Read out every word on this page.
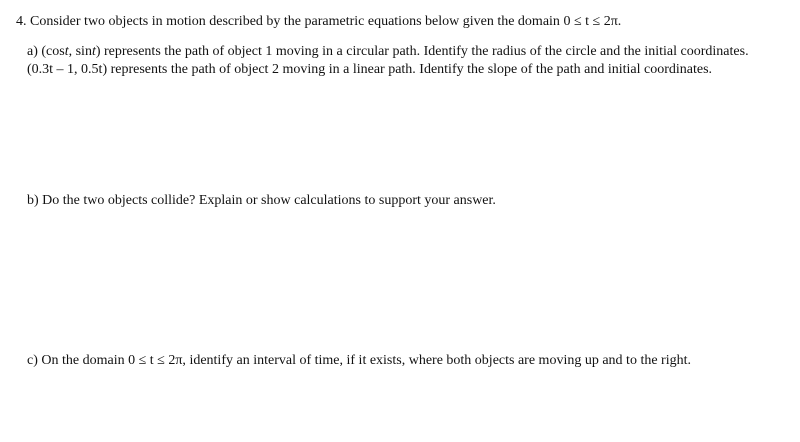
4. Consider two objects in motion described by the parametric equations below given the domain 0 ≤ t ≤ 2π.
a) (cost, sint) represents the path of object 1 moving in a circular path. Identify the radius of the circle and the initial coordinates. (0.3t – 1, 0.5t) represents the path of object 2 moving in a linear path. Identify the slope of the path and initial coordinates.
b) Do the two objects collide? Explain or show calculations to support your answer.
c) On the domain 0 ≤ t ≤ 2π, identify an interval of time, if it exists, where both objects are moving up and to the right.
